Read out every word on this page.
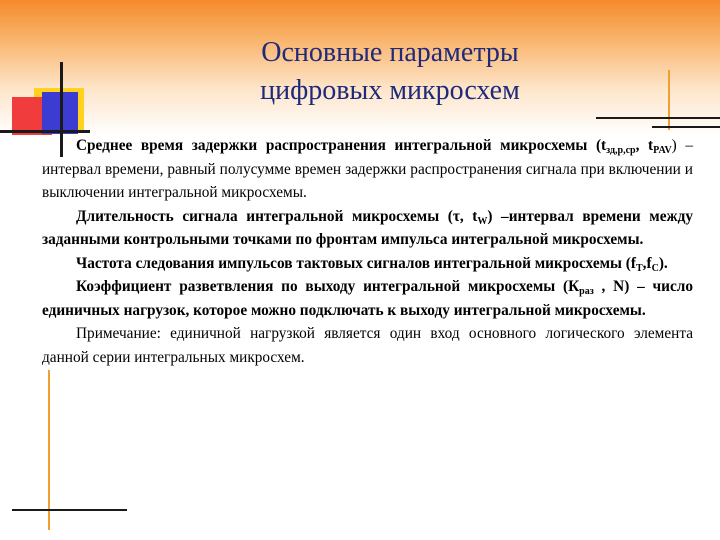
Основные параметры
цифровых микросхем

Среднее время задержки распространения интегральной микросхемы ($t_{зд,р,ср}$, $t_{PAV}$) – интервал времени, равный полусумме времен задержки распространения сигнала при включении и выключении интегральной микросхемы.

Длительность сигнала интегральной микросхемы (τ, $t_W$) –интервал времени между заданными контрольными точками по фронтам импульса интегральной микросхемы.

Частота следования импульсов тактовых сигналов интегральной микросхемы $(f_T,f_C)$.

Коэффициент разветвления по выходу интегральной микросхемы ($К_{раз}$ , N) – число единичных нагрузок, которое можно подключать к выходу интегральной микросхемы.

Примечание: единичной нагрузкой является один вход основного логического элемента данной серии интегральных микросхем.
